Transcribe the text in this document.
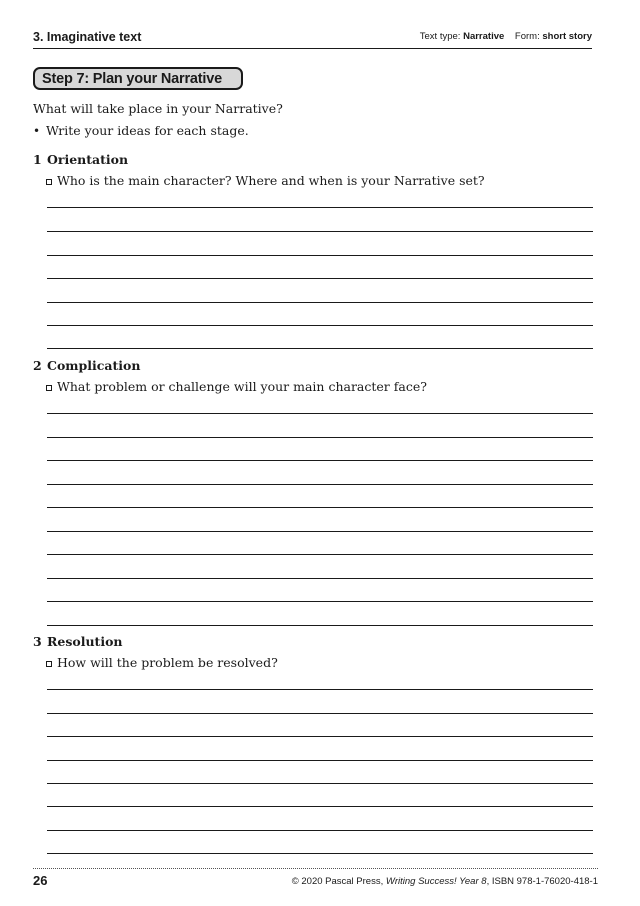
3. Imaginative text	Text type: Narrative Form: short story
Step 7: Plan your Narrative
What will take place in your Narrative?
• Write your ideas for each stage.
1 Orientation
Who is the main character? Where and when is your Narrative set?
2 Complication
What problem or challenge will your main character face?
3 Resolution
How will the problem be resolved?
26	© 2020 Pascal Press, Writing Success! Year 8, ISBN 978-1-76020-418-1
